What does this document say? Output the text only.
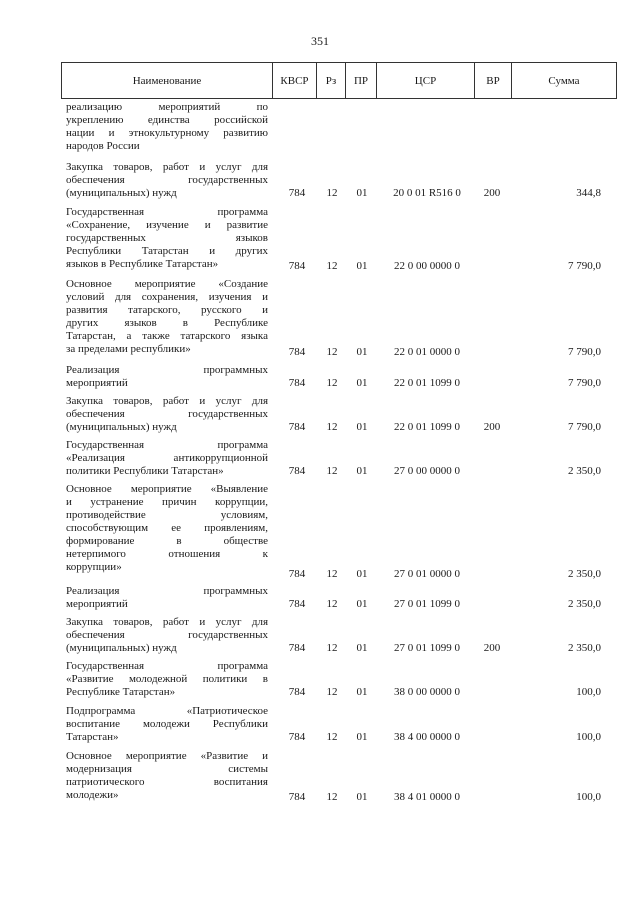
351
Наименование	КВСР	Рз	ПР	ЦСР	ВР	Сумма
реализацию мероприятий по
укреплению единства российской
нации и этнокультурному развитию
народов России
Закупка товаров, работ и услуг для
обеспечения государственных
(муниципальных) нужд	784	12	01	20 0 01 R516 0	200	344,8
Государственная программа
«Сохранение, изучение и развитие
государственных языков
Республики Татарстан и других
языков в Республике Татарстан»	784	12	01	22 0 00 0000 0	7 790,0
Основное мероприятие «Создание
условий для сохранения, изучения и
развития татарского, русского и
других языков в Республике
Татарстан, а также татарского языка
за пределами республики»	784	12	01	22 0 01 0000 0	7 790,0
Реализация программных
мероприятий	784	12	01	22 0 01 1099 0	7 790,0
Закупка товаров, работ и услуг для
обеспечения государственных
(муниципальных) нужд	784	12	01	22 0 01 1099 0	200	7 790,0
Государственная программа
«Реализация антикоррупционной
политики Республики Татарстан»	784	12	01	27 0 00 0000 0	2 350,0
Основное мероприятие «Выявление
и устранение причин коррупции,
противодействие условиям,
способствующим ее проявлениям,
формирование в обществе
нетерпимого отношения к
коррупции»
784	12	01	27 0 01 0000 0	2 350,0
Реализация программных
мероприятий	784	12	01	27 0 01 1099 0	2 350,0
Закупка товаров, работ и услуг для
обеспечения государственных
(муниципальных) нужд	784	12	01	27 0 01 1099 0	200	2 350,0
Государственная программа
«Развитие молодежной политики в
Республике Татарстан»	784	12	01	38 0 00 0000 0	100,0
Подпрограмма «Патриотическое
воспитание молодежи Республики
Татарстан»	784	12	01	38 4 00 0000 0	100,0
Основное мероприятие «Развитие и
модернизация системы
патриотического воспитания
молодежи»	784	12	01	38 4 01 0000 0	100,0
